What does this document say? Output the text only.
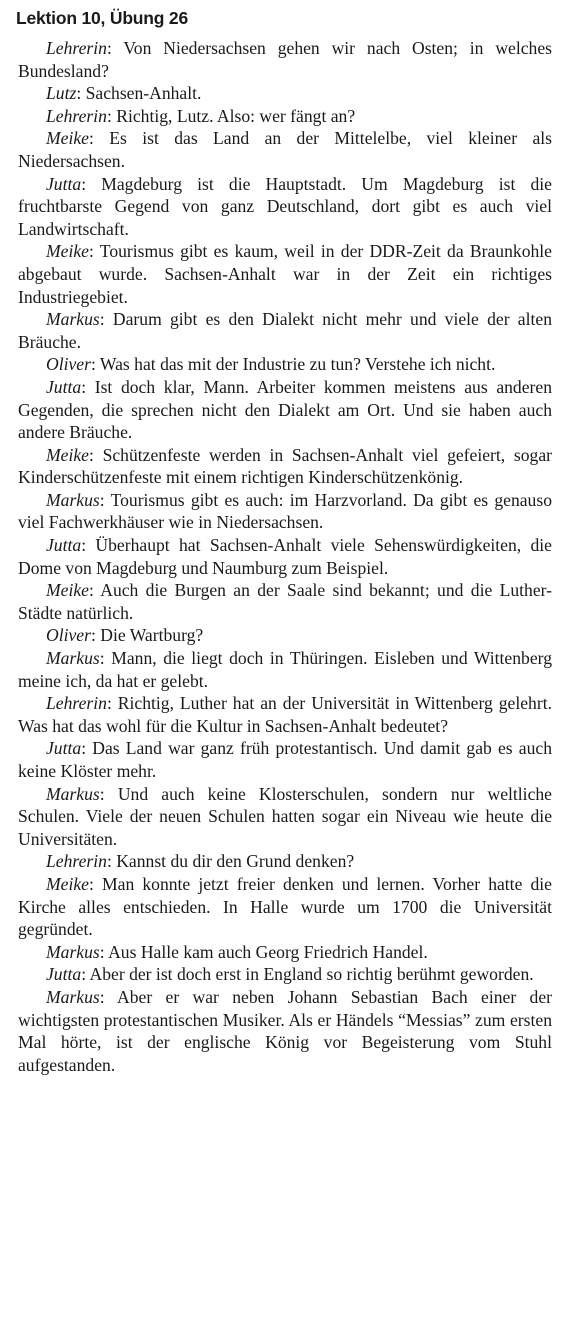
Lektion 10, Übung 26

Lehrerin: Von Niedersachsen gehen wir nach Osten; in welches Bundesland?

Lutz: Sachsen-Anhalt.

Lehrerin: Richtig, Lutz. Also: wer fängt an?

Meike: Es ist das Land an der Mittelelbe, viel kleiner als Niedersachsen.

Jutta: Magdeburg ist die Hauptstadt. Um Magdeburg ist die fruchtbarste Gegend von ganz Deutschland, dort gibt es auch viel Landwirtschaft.

Meike: Tourismus gibt es kaum, weil in der DDR-Zeit da Braunkohle abgebaut wurde. Sachsen-Anhalt war in der Zeit ein richtiges Industriegebiet.

Markus: Darum gibt es den Dialekt nicht mehr und viele der alten Bräuche.

Oliver: Was hat das mit der Industrie zu tun? Verstehe ich nicht.

Jutta: Ist doch klar, Mann. Arbeiter kommen meistens aus anderen Gegenden, die sprechen nicht den Dialekt am Ort. Und sie haben auch andere Bräuche.

Meike: Schützenfeste werden in Sachsen-Anhalt viel gefeiert, sogar Kinderschützenfeste mit einem richtigen Kinderschützenkönig.

Markus: Tourismus gibt es auch: im Harzvorland. Da gibt es genauso viel Fachwerkhäuser wie in Niedersachsen.

Jutta: Überhaupt hat Sachsen-Anhalt viele Sehenswürdigkeiten, die Dome von Magdeburg und Naumburg zum Beispiel.

Meike: Auch die Burgen an der Saale sind bekannt; und die Luther-Städte natürlich.

Oliver: Die Wartburg?

Markus: Mann, die liegt doch in Thüringen. Eisleben und Wittenberg meine ich, da hat er gelebt.

Lehrerin: Richtig, Luther hat an der Universität in Wittenberg gelehrt. Was hat das wohl für die Kultur in Sachsen-Anhalt bedeutet?

Jutta: Das Land war ganz früh protestantisch. Und damit gab es auch keine Klöster mehr.

Markus: Und auch keine Klosterschulen, sondern nur weltliche Schulen. Viele der neuen Schulen hatten sogar ein Niveau wie heute die Universitäten.

Lehrerin: Kannst du dir den Grund denken?

Meike: Man konnte jetzt freier denken und lernen. Vorher hatte die Kirche alles entschieden. In Halle wurde um 1700 die Universität gegründet.

Markus: Aus Halle kam auch Georg Friedrich Handel.

Jutta: Aber der ist doch erst in England so richtig berühmt geworden.

Markus: Aber er war neben Johann Sebastian Bach einer der wichtigsten protestantischen Musiker. Als er Händels “Messias” zum ersten Mal hörte, ist der englische König vor Begeisterung vom Stuhl aufgestanden.
